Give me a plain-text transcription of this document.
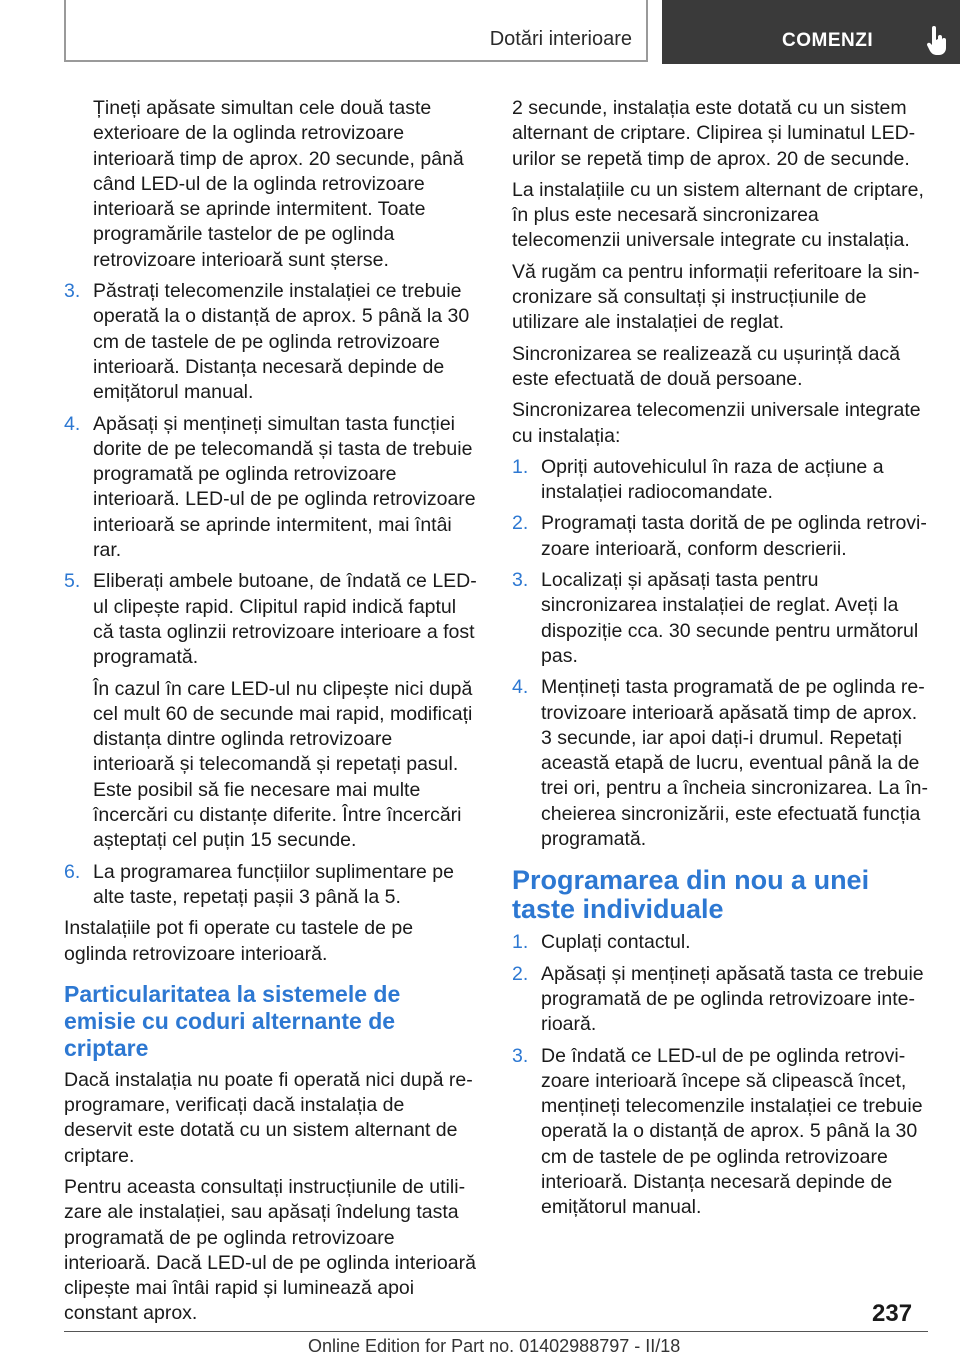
Dotări interioare	COMENZI

Țineți apăsate simultan cele două taste exterioare de la oglinda retrovizoare interioară timp de aprox. 20 secunde, până când LED-ul de la oglinda retrovizoare interioară se aprinde intermitent. Toate programările tastelor de pe oglinda retrovizoare interioară sunt șterse.

3. Păstrați telecomenzile instalației ce trebuie operată la o distanță de aprox. 5 până la 30 cm de tastele de pe oglinda retrovizoare interioară. Distanța necesară depinde de emițătorul manual.
4. Apăsați și mențineți simultan tasta funcției dorite de pe telecomandă și tasta de trebuie programată pe oglinda retrovizoare interioară. LED-ul de pe oglinda retrovizoare interioară se aprinde intermitent, mai întâi rar.
5. Eliberați ambele butoane, de îndată ce LED-ul clipește rapid. Clipitul rapid indică faptul că tasta oglinzii retrovizoare interioare a fost programată.

În cazul în care LED-ul nu clipește nici după cel mult 60 de secunde mai rapid, modificați distanța dintre oglinda retrovizoare interioară și telecomandă și repetați pasul. Este posibil să fie necesare mai multe încercări cu distanțe diferite. Între încercări așteptați cel puțin 15 secunde.

6. La programarea funcțiilor suplimentare pe alte taste, repetați pașii 3 până la 5.

Instalațiile pot fi operate cu tastele de pe oglinda retrovizoare interioară.

Particularitatea la sistemele de emisie cu coduri alternante de criptare

Dacă instalația nu poate fi operată nici după reprogramare, verificați dacă instalația de deservit este dotată cu un sistem alternant de criptare.

Pentru aceasta consultați instrucțiunile de utilizare ale instalației, sau apăsați îndelung tasta programată de pe oglinda retrovizoare interioară. Dacă LED-ul de pe oglinda interioară clipește mai întâi rapid și luminează apoi constant aprox.

2 secunde, instalația este dotată cu un sistem alternant de criptare. Clipirea și luminatul LED-urilor se repetă timp de aprox. 20 de secunde.

La instalațiile cu un sistem alternant de criptare, în plus este necesară sincronizarea telecomenzii universale integrate cu instalația.

Vă rugăm ca pentru informații referitoare la sincronizare să consultați și instrucțiunile de utilizare ale instalației de reglat.

Sincronizarea se realizează cu ușurință dacă este efectuată de două persoane.

Sincronizarea telecomenzii universale integrate cu instalația:

1. Opriți autovehiculul în raza de acțiune a instalației radiocomandate.
2. Programați tasta dorită de pe oglinda retrovizoare interioară, conform descrierii.
3. Localizați și apăsați tasta pentru sincronizarea instalației de reglat. Aveți la dispoziție cca. 30 secunde pentru următorul pas.
4. Mențineți tasta programată de pe oglinda retrovizoare interioară apăsată timp de aprox. 3 secunde, iar apoi dați-i drumul. Repetați această etapă de lucru, eventual până la de trei ori, pentru a încheia sincronizarea. La încheierea sincronizării, este efectuată funcția programată.
Programarea din nou a unei taste individuale
1. Cuplați contactul.
2. Apăsați și mențineți apăsată tasta ce trebuie programată de pe oglinda retrovizoare interioară.
3. De îndată ce LED-ul de pe oglinda retrovizoare interioară începe să clipească încet, mențineți telecomenzile instalației ce trebuie operată la o distanță de aprox. 5 până la 30 cm de tastele de pe oglinda retrovizoare interioară. Distanța necesară depinde de emițătorul manual.
237
Online Edition for Part no. 01402988797 - II/18
